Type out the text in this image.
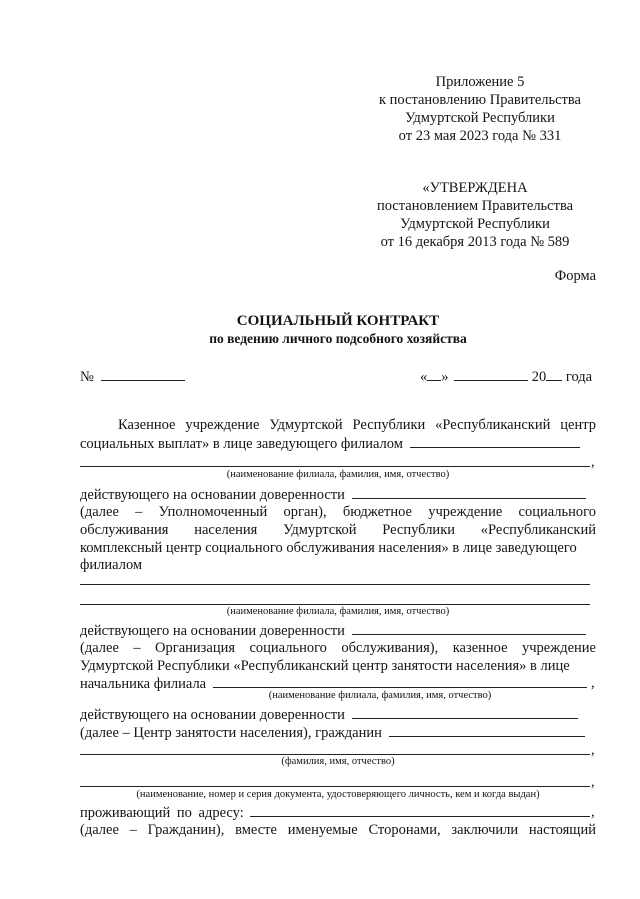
Приложение 5
к постановлению Правительства
Удмуртской Республики
от 23 мая 2023 года № 331
«УТВЕРЖДЕНА
постановлением Правительства
Удмуртской Республики
от 16 декабря 2013 года № 589
Форма
СОЦИАЛЬНЫЙ КОНТРАКТ
по ведению личного подсобного хозяйства
№	« »	20 года
Казенное учреждение Удмуртской Республики «Республиканский центр
социальных выплат» в лице заведующего филиалом
,
(наименование филиала, фамилия, имя, отчество)
действующего на основании доверенности
(далее – Уполномоченный орган), бюджетное учреждение социального
обслуживания населения Удмуртской Республики «Республиканский
комплексный центр социального обслуживания населения» в лице заведующего
филиалом
(наименование филиала, фамилия, имя, отчество)
действующего на основании доверенности
(далее – Организация социального обслуживания), казенное учреждение
Удмуртской Республики «Республиканский центр занятости населения» в лице
начальника филиала	,
(наименование филиала, фамилия, имя, отчество)
действующего на основании доверенности
(далее – Центр занятости населения), гражданин
,
(фамилия, имя, отчество)
,
(наименование, номер и серия документа, удостоверяющего личность, кем и когда выдан)
проживающий по адресу:	,
(далее – Гражданин), вместе именуемые Сторонами, заключили настоящий
